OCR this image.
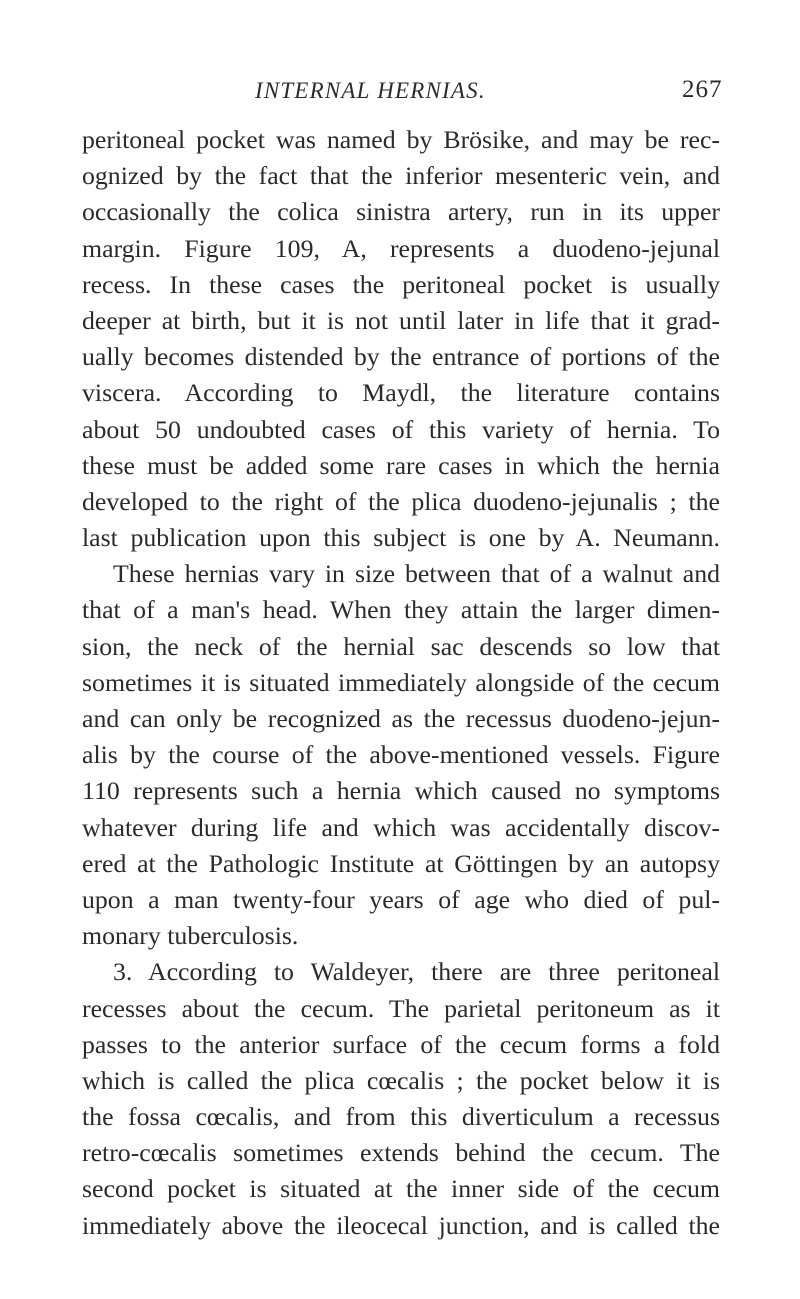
INTERNAL HERNIAS.	267
peritoneal pocket was named by Brösike, and may be rec-
ognized by the fact that the inferior mesenteric vein, and
occasionally the colica sinistra artery, run in its upper
margin. Figure 109, A, represents a duodeno-jejunal
recess. In these cases the peritoneal pocket is usually
deeper at birth, but it is not until later in life that it grad-
ually becomes distended by the entrance of portions of the
viscera. According to Maydl, the literature contains
about 50 undoubted cases of this variety of hernia. To
these must be added some rare cases in which the hernia
developed to the right of the plica duodeno-jejunalis ; the
last publication upon this subject is one by A. Neumann.
These hernias vary in size between that of a walnut and
that of a man's head. When they attain the larger dimen-
sion, the neck of the hernial sac descends so low that
sometimes it is situated immediately alongside of the cecum
and can only be recognized as the recessus duodeno-jejun-
alis by the course of the above-mentioned vessels. Figure
110 represents such a hernia which caused no symptoms
whatever during life and which was accidentally discov-
ered at the Pathologic Institute at Göttingen by an autopsy
upon a man twenty-four years of age who died of pul-
monary tuberculosis.
3. According to Waldeyer, there are three peritoneal
recesses about the cecum. The parietal peritoneum as it
passes to the anterior surface of the cecum forms a fold
which is called the plica cœcalis ; the pocket below it is
the fossa cœcalis, and from this diverticulum a recessus
retro-cœcalis sometimes extends behind the cecum. The
second pocket is situated at the inner side of the cecum
immediately above the ileocecal junction, and is called the
